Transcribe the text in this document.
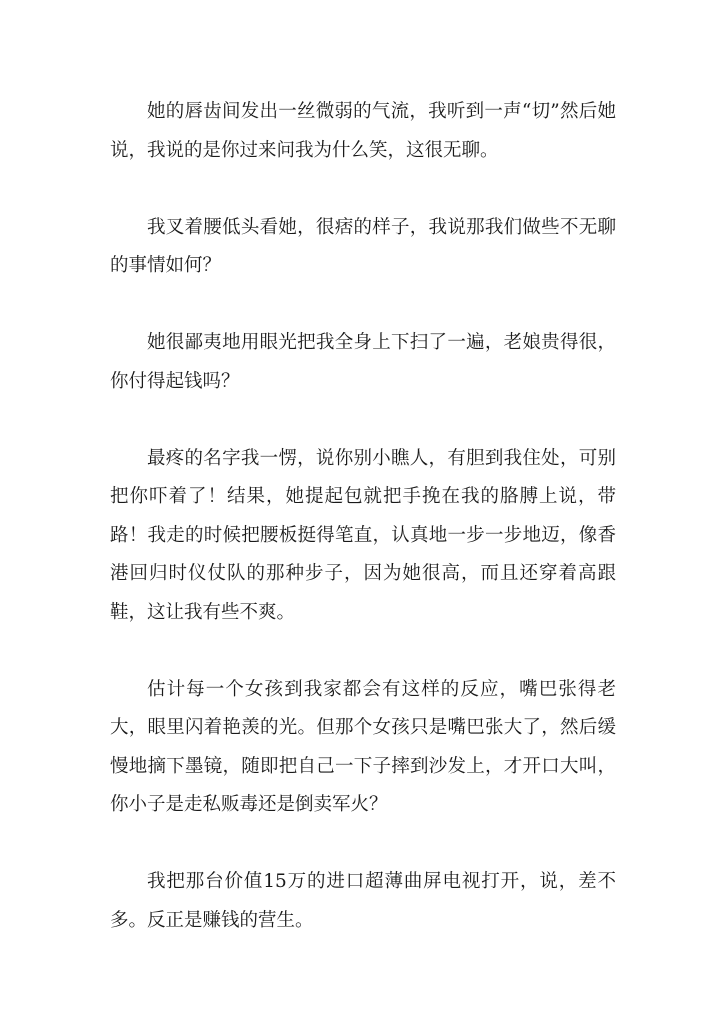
她的唇齿间发出一丝微弱的气流，我听到一声“切”然后她说，我说的是你过来问我为什么笑，这很无聊。

我叉着腰低头看她，很痞的样子，我说那我们做些不无聊的事情如何？

她很鄙夷地用眼光把我全身上下扫了一遍，老娘贵得很，你付得起钱吗？

最疼的名字我一愣，说你别小瞧人，有胆到我住处，可别把你吓着了！结果，她提起包就把手挽在我的胳膊上说，带路！我走的时候把腰板挺得笔直，认真地一步一步地迈，像香港回归时仪仗队的那种步子，因为她很高，而且还穿着高跟鞋，这让我有些不爽。

估计每一个女孩到我家都会有这样的反应，嘴巴张得老大，眼里闪着艳羡的光。但那个女孩只是嘴巴张大了，然后缓慢地摘下墨镜，随即把自己一下子摔到沙发上，才开口大叫，你小子是走私贩毒还是倒卖军火？

我把那台价值15万的进口超薄曲屏电视打开，说，差不多。反正是赚钱的营生。
